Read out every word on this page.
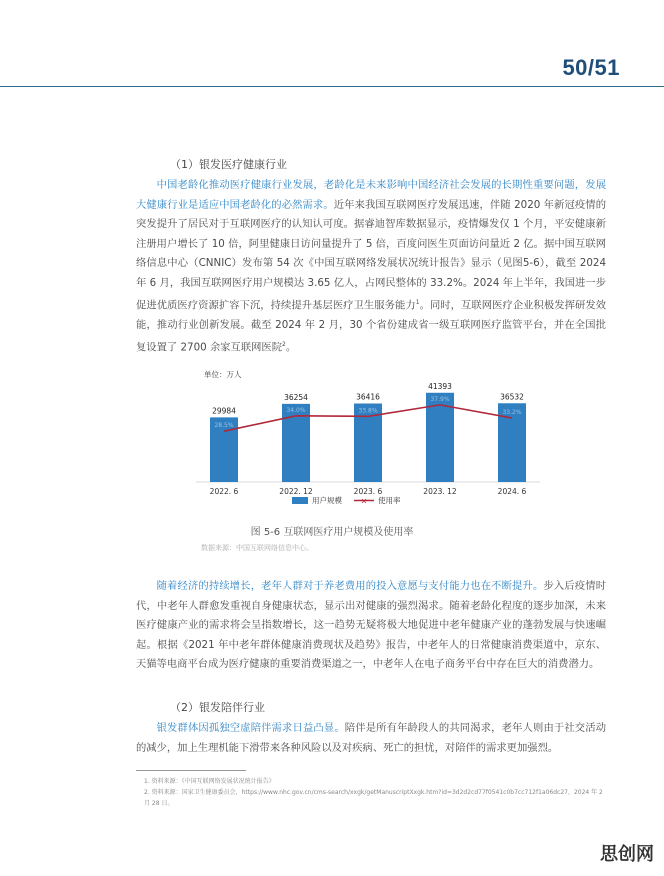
50/51
（1）银发医疗健康行业

中国老龄化推动医疗健康行业发展，老龄化是未来影响中国经济社会发展的长期性重要问题，发展大健康行业是适应中国老龄化的必然需求。近年来我国互联网医疗发展迅速，伴随 2020 年新冠疫情的突发提升了居民对于互联网医疗的认知认可度。据睿迪智库数据显示，疫情爆发仅 1 个月，平安健康新注册用户增长了 10 倍，阿里健康日访问量提升了 5 倍，百度问医生页面访问量近 2 亿。据中国互联网络信息中心（CNNIC）发布第 54 次《中国互联网络发展状况统计报告》显示（见图5-6），截至 2024 年 6 月，我国互联网医疗用户规模达 3.65 亿人，占网民整体的 33.2%。2024 年上半年，我国进一步促进优质医疗资源扩容下沉，持续提升基层医疗卫生服务能力$^1$。同时，互联网医疗企业积极发挥研发效能，推动行业创新发展。截至 2024 年 2 月，30 个省份建成省一级互联网医疗监管平台，并在全国批复设置了 2700 余家互联网医院$^2$。

单位：万人
29984
2022. 6
28.5%
36254
2022. 12
34.0%
36416
2023. 6
33.8%
41393
2023. 12
37.9%	36532
2024. 6
33.2%
用户规模 × 使用率
图 5-6 互联网医疗用户规模及使用率
数据来源：中国互联网络信息中心。

随着经济的持续增长，老年人群对于养老费用的投入意愿与支付能力也在不断提升。步入后疫情时代，中老年人群愈发重视自身健康状态，显示出对健康的强烈渴求。随着老龄化程度的逐步加深，未来医疗健康产业的需求将会呈指数增长，这一趋势无疑将极大地促进中老年健康产业的蓬勃发展与快速崛起。根据《2021 年中老年群体健康消费现状及趋势》报告，中老年人的日常健康消费渠道中，京东、天猫等电商平台成为医疗健康的重要消费渠道之一，中老年人在电子商务平台中存在巨大的消费潜力。

（2）银发陪伴行业

银发群体因孤独空虚陪伴需求日益凸显。陪伴是所有年龄段人的共同渴求，老年人则由于社交活动的减少，加上生理机能下滑带来各种风险以及对疾病、死亡的担忧，对陪伴的需求更加强烈。

1. 资料来源：《中国互联网络发展状况统计报告》
2. 资料来源：国家卫生健康委员会，https://www.nhc.gov.cn/cms-search/xxgk/getManuscriptXxgk.htm?id=3d2d2cd77f0541c0b7cc712f1a06dc27，2024 年 2 月 28 日。
思创网
